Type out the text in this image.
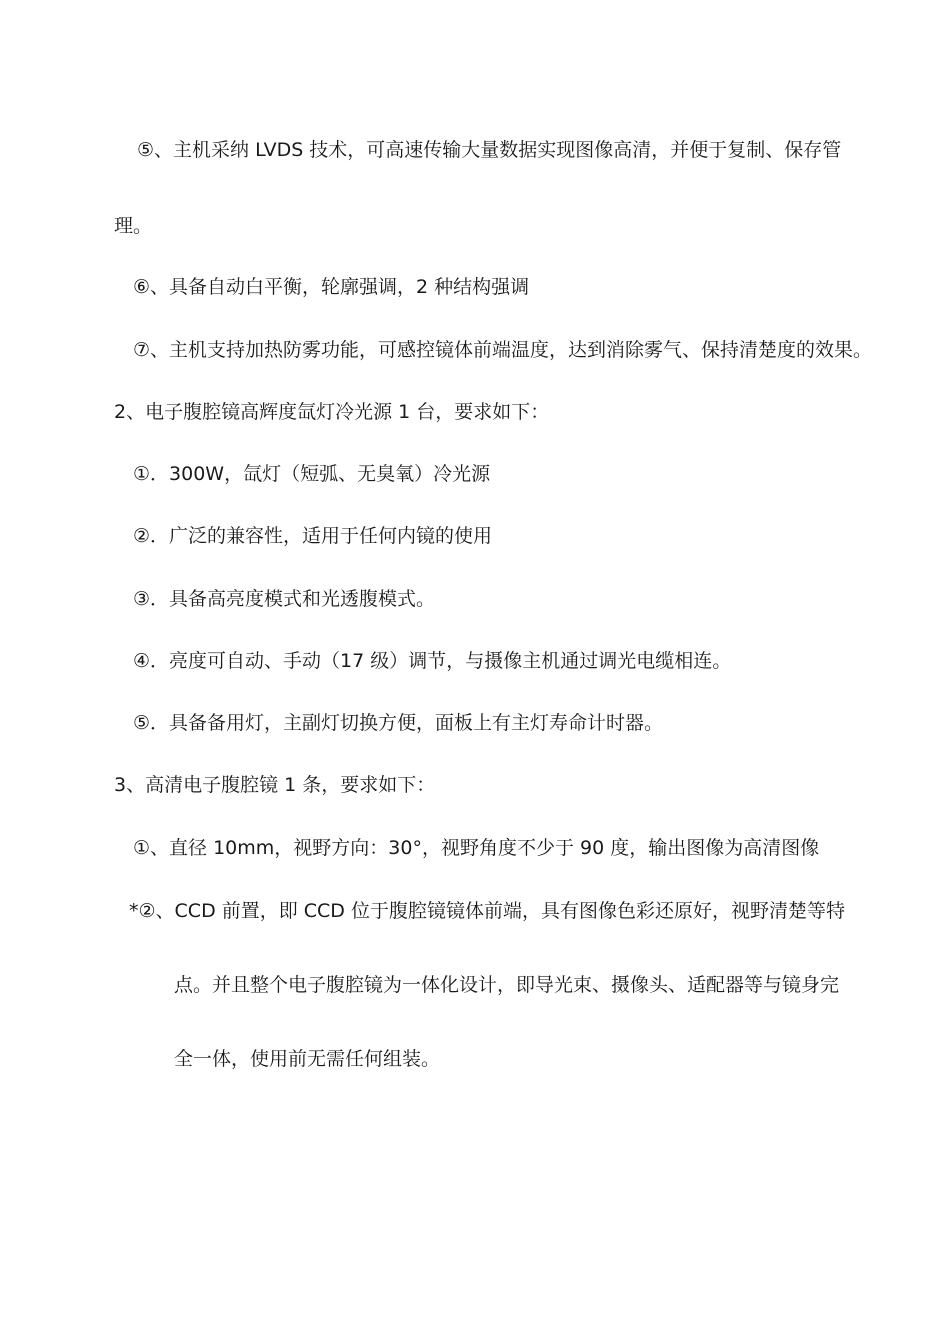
⑤、主机采纳 LVDS 技术，可高速传输大量数据实现图像高清，并便于复制、保存管
理。
⑥、具备自动白平衡，轮廓强调，2 种结构强调
⑦、主机支持加热防雾功能，可感控镜体前端温度，达到消除雾气、保持清楚度的效果。
2、电子腹腔镜高辉度氙灯冷光源 1 台，要求如下：
①．300W，氙灯（短弧、无臭氧）冷光源
②．广泛的兼容性，适用于任何内镜的使用
③．具备高亮度模式和光透腹模式。
④．亮度可自动、手动（17 级）调节，与摄像主机通过调光电缆相连。
⑤．具备备用灯，主副灯切换方便，面板上有主灯寿命计时器。
3、高清电子腹腔镜 1 条，要求如下：
①、直径 10mm，视野方向：30°，视野角度不少于 90 度，输出图像为高清图像
*②、CCD 前置，即 CCD 位于腹腔镜镜体前端，具有图像色彩还原好，视野清楚等特
点。并且整个电子腹腔镜为一体化设计，即导光束、摄像头、适配器等与镜身完
全一体，使用前无需任何组装。
